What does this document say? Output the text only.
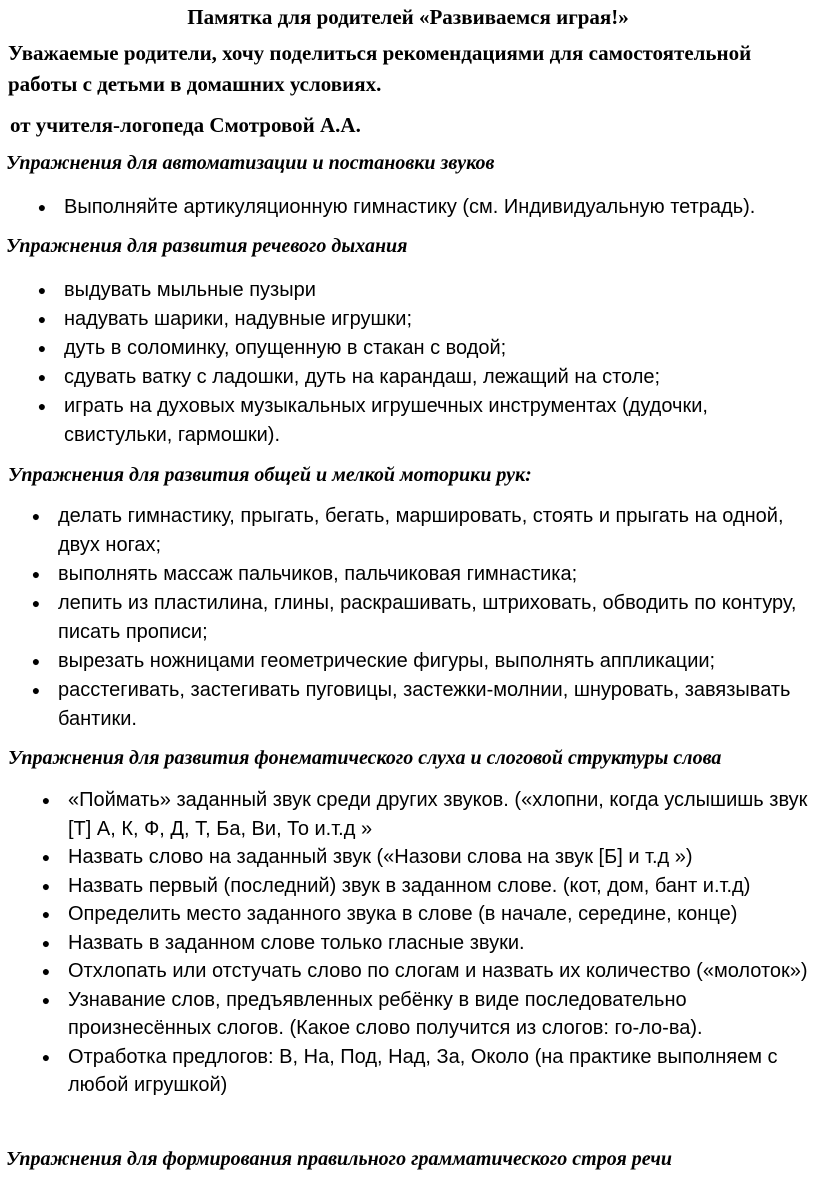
Памятка для родителей «Развиваемся играя!»
Уважаемые родители, хочу поделиться рекомендациями для самостоятельной работы с детьми в домашних условиях.
от учителя-логопеда Смотровой А.А.
Упражнения для автоматизации и постановки звуков
● Выполняйте артикуляционную гимнастику (см. Индивидуальную тетрадь).
Упражнения для развития речевого дыхания
● выдувать мыльные пузыри
● надувать шарики, надувные игрушки;
● дуть в соломинку, опущенную в стакан с водой;
● сдувать ватку с ладошки, дуть на карандаш, лежащий на столе;
● играть на духовых музыкальных игрушечных инструментах (дудочки, свистульки, гармошки).
Упражнения для развития общей и мелкой моторики рук:
● делать гимнастику, прыгать, бегать, маршировать, стоять и прыгать на одной, двух ногах;
● выполнять массаж пальчиков, пальчиковая гимнастика;
● лепить из пластилина, глины, раскрашивать, штриховать, обводить по контуру, писать прописи;
● вырезать ножницами геометрические фигуры, выполнять аппликации;
● расстегивать, застегивать пуговицы, застежки-молнии, шнуровать, завязывать бантики.
Упражнения для развития фонематического слуха и слоговой структуры слова
● «Поймать» заданный звук среди других звуков. («хлопни, когда услышишь звук [Т] А, К, Ф, Д, Т, Ба, Ви, То и.т.д »
● Назвать слово на заданный звук («Назови слова на звук [Б] и т.д »)
● Назвать первый (последний) звук в заданном слове. (кот, дом, бант и.т.д)
● Определить место заданного звука в слове (в начале, середине, конце)
● Назвать в заданном слове только гласные звуки.
● Отхлопать или отстучать слово по слогам и назвать их количество («молоток»)
● Узнавание слов, предъявленных ребёнку в виде последовательно произнесённых слогов. (Какое слово получится из слогов: го-ло-ва).
● Отработка предлогов: В, На, Под, Над, За, Около (на практике выполняем с любой игрушкой)
Упражнения для формирования правильного грамматического строя речи
